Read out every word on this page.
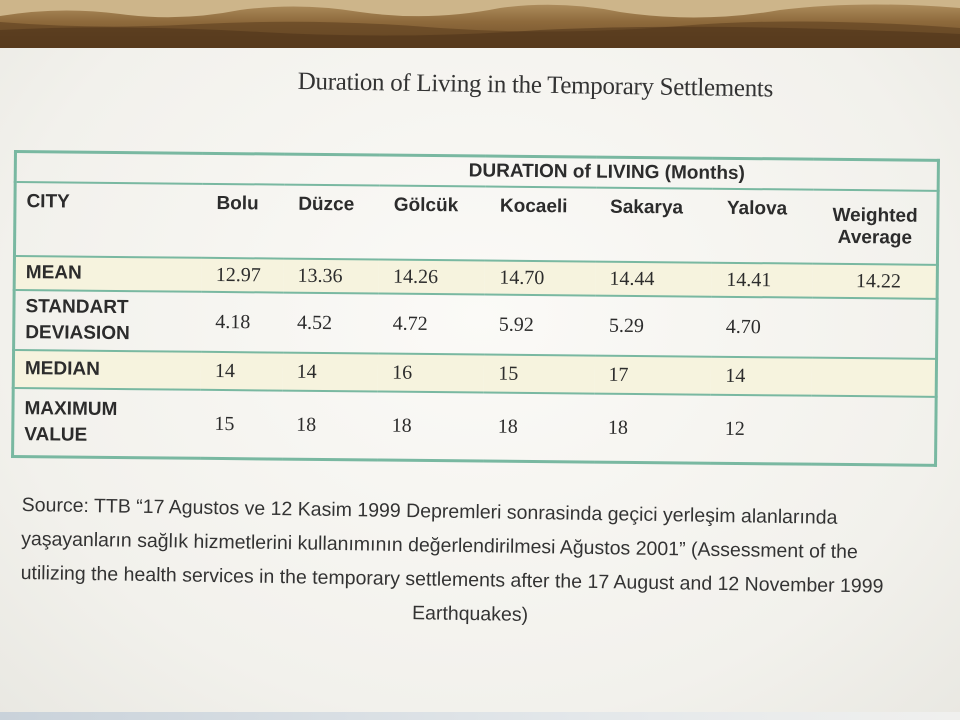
Duration of Living in the Temporary Settlements
	DURATION of LIVING (Months)						
CITY	Bolu	Düzce	Gölcük	Kocaeli	Sakarya	Yalova	Weighted
Average
MEAN	12.97	13.36	14.26	14.70	14.44	14.41	14.22
STANDART
DEVIASION	4.18	4.52	4.72	5.92	5.29	4.70	
MEDIAN	14	14	16	15	17	14	
MAXIMUM
VALUE	15	18	18	18	18	12	
Source: TTB “17 Agustos ve 12 Kasim 1999 Depremleri sonrasinda geçici yerleşim alanlarında
yaşayanların sağlık hizmetlerini kullanımının değerlendirilmesi Ağustos 2001” (Assessment of the
utilizing the health services in the temporary settlements after the 17 August and 12 November 1999
Earthquakes)
